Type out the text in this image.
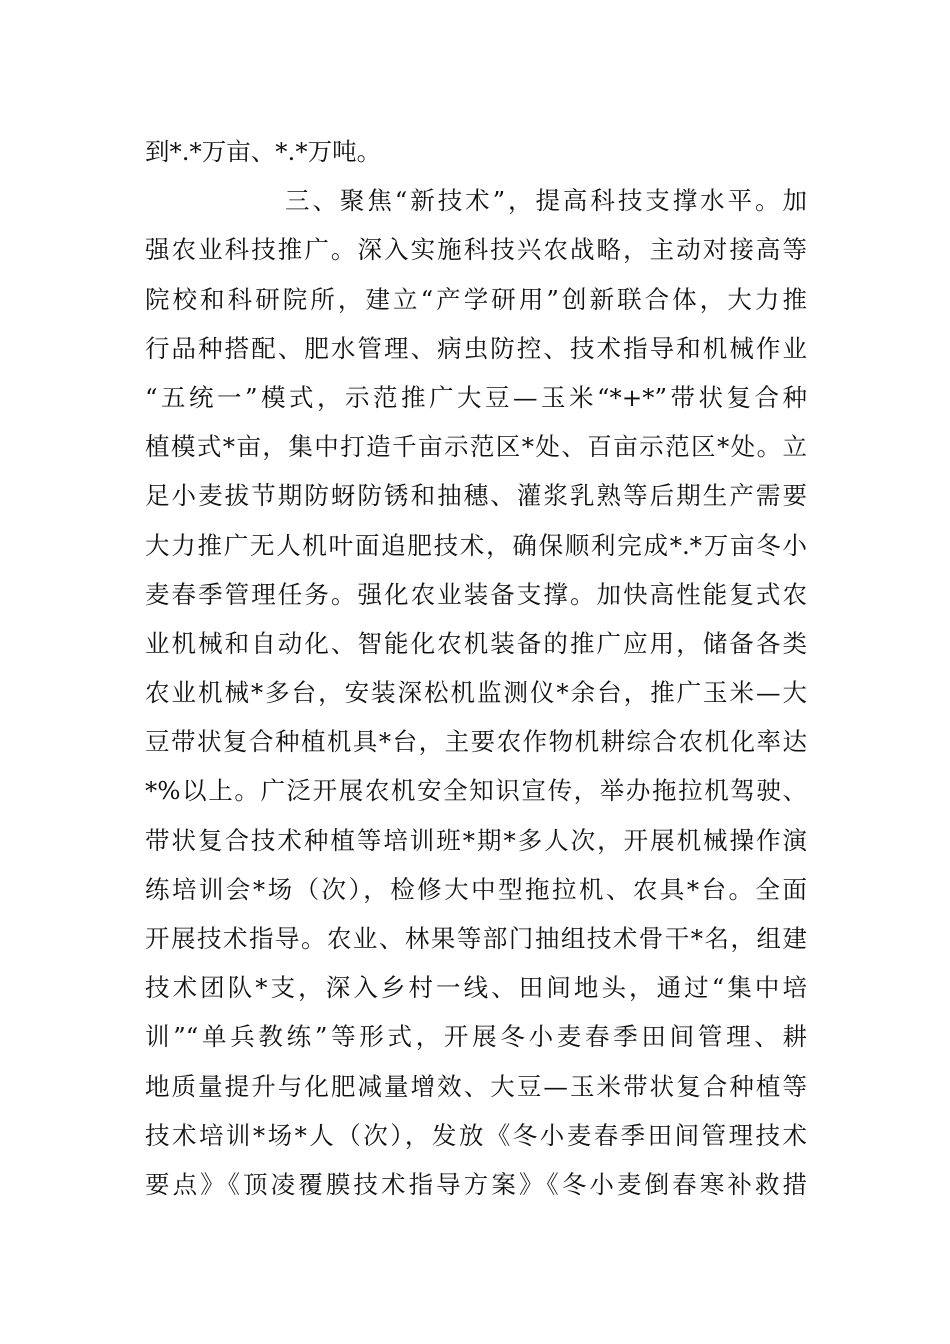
到*.*万亩、*.*万吨。
三、聚焦“新技术”，提高科技支撑水平。加
强农业科技推广。深入实施科技兴农战略，主动对接高等
院校和科研院所，建立“产学研用”创新联合体，大力推
行品种搭配、肥水管理、病虫防控、技术指导和机械作业
“五统一”模式，示范推广大豆—玉米“*+*”带状复合种
植模式*亩，集中打造千亩示范区*处、百亩示范区*处。立
足小麦拔节期防蚜防锈和抽穗、灌浆乳熟等后期生产需要
大力推广无人机叶面追肥技术，确保顺利完成*.*万亩冬小
麦春季管理任务。强化农业装备支撑。加快高性能复式农
业机械和自动化、智能化农机装备的推广应用，储备各类
农业机械*多台，安装深松机监测仪*余台，推广玉米—大
豆带状复合种植机具*台，主要农作物机耕综合农机化率达
*%以上。广泛开展农机安全知识宣传，举办拖拉机驾驶、
带状复合技术种植等培训班*期*多人次，开展机械操作演
练培训会*场（次），检修大中型拖拉机、农具*台。全面
开展技术指导。农业、林果等部门抽组技术骨干*名，组建
技术团队*支，深入乡村一线、田间地头，通过“集中培
训”“单兵教练”等形式，开展冬小麦春季田间管理、耕
地质量提升与化肥减量增效、大豆—玉米带状复合种植等
技术培训*场*人（次），发放《冬小麦春季田间管理技术
要点》《顶凌覆膜技术指导方案》《冬小麦倒春寒补救措
